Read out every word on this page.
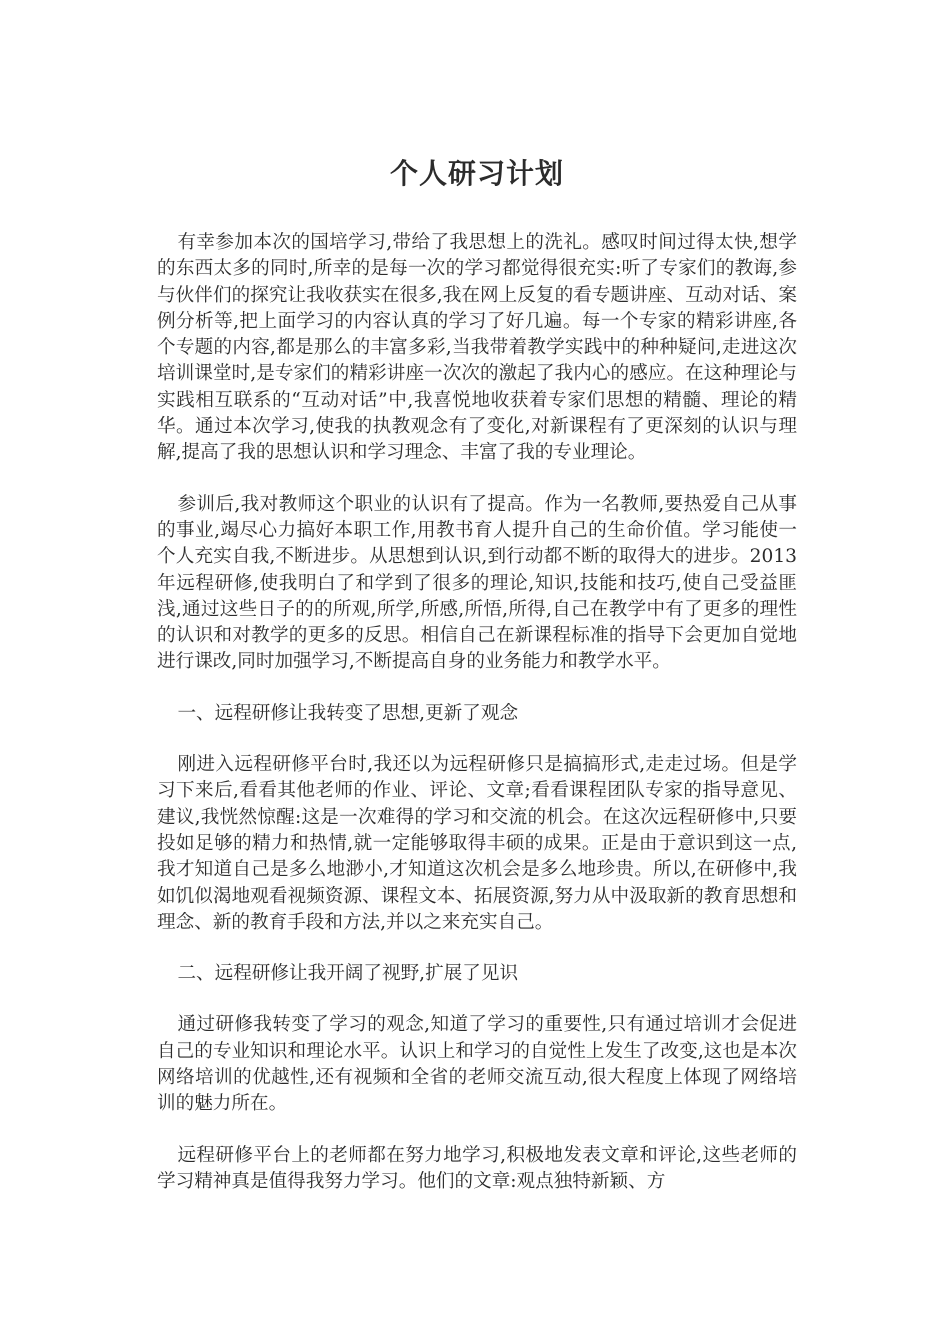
个人研习计划

有幸参加本次的国培学习,带给了我思想上的洗礼。感叹时间过得太快,想学的东西太多的同时,所幸的是每一次的学习都觉得很充实:听了专家们的教诲,参与伙伴们的探究让我收获实在很多,我在网上反复的看专题讲座、互动对话、案例分析等,把上面学习的内容认真的学习了好几遍。每一个专家的精彩讲座,各个专题的内容,都是那么的丰富多彩,当我带着教学实践中的种种疑问,走进这次培训课堂时,是专家们的精彩讲座一次次的激起了我内心的感应。在这种理论与实践相互联系的“互动对话”中,我喜悦地收获着专家们思想的精髓、理论的精华。通过本次学习,使我的执教观念有了变化,对新课程有了更深刻的认识与理解,提高了我的思想认识和学习理念、丰富了我的专业理论。

参训后,我对教师这个职业的认识有了提高。作为一名教师,要热爱自己从事的事业,竭尽心力搞好本职工作,用教书育人提升自己的生命价值。学习能使一个人充实自我,不断进步。从思想到认识,到行动都不断的取得大的进步。2013年远程研修,使我明白了和学到了很多的理论,知识,技能和技巧,使自己受益匪浅,通过这些日子的的所观,所学,所感,所悟,所得,自己在教学中有了更多的理性的认识和对教学的更多的反思。相信自己在新课程标准的指导下会更加自觉地进行课改,同时加强学习,不断提高自身的业务能力和教学水平。

一、远程研修让我转变了思想,更新了观念

刚进入远程研修平台时,我还以为远程研修只是搞搞形式,走走过场。但是学习下来后,看看其他老师的作业、评论、文章;看看课程团队专家的指导意见、建议,我恍然惊醒:这是一次难得的学习和交流的机会。在这次远程研修中,只要投如足够的精力和热情,就一定能够取得丰硕的成果。正是由于意识到这一点,我才知道自己是多么地渺小,才知道这次机会是多么地珍贵。所以,在研修中,我如饥似渴地观看视频资源、课程文本、拓展资源,努力从中汲取新的教育思想和理念、新的教育手段和方法,并以之来充实自己。

二、远程研修让我开阔了视野,扩展了见识

通过研修我转变了学习的观念,知道了学习的重要性,只有通过培训才会促进自己的专业知识和理论水平。认识上和学习的自觉性上发生了改变,这也是本次网络培训的优越性,还有视频和全省的老师交流互动,很大程度上体现了网络培训的魅力所在。

远程研修平台上的老师都在努力地学习,积极地发表文章和评论,这些老师的学习精神真是值得我努力学习。他们的文章:观点独特新颖、方
